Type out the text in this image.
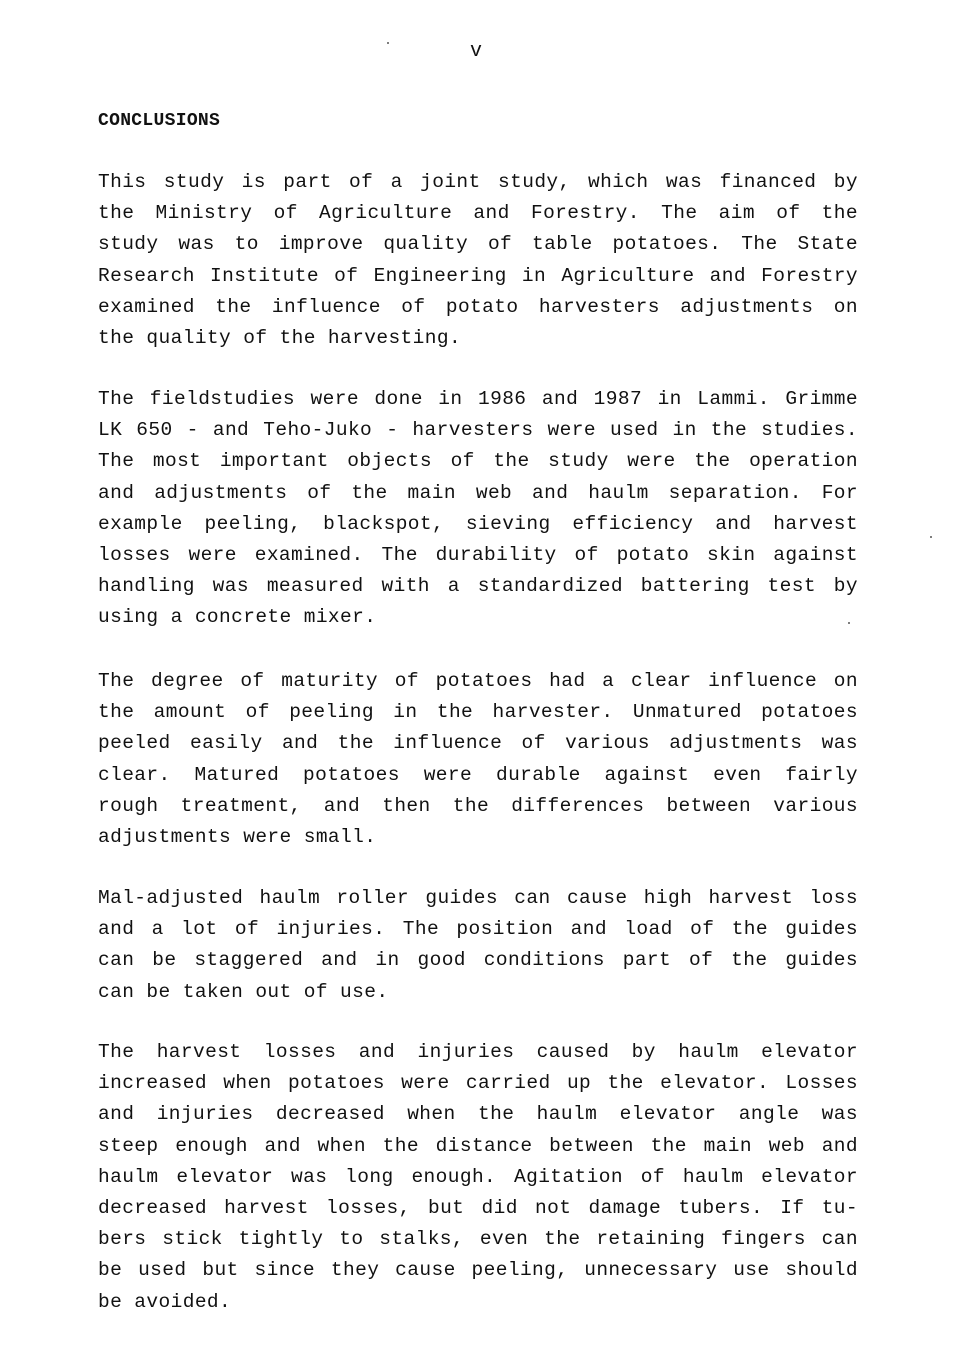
v
CONCLUSIONS
This study is part of a joint study, which was financed by
the Ministry of Agriculture and Forestry. The aim of the
study was to improve quality of table potatoes. The State
Research Institute of Engineering in Agriculture and Forestry
examined the influence of potato harvesters adjustments on
the quality of the harvesting.
The fieldstudies were done in 1986 and 1987 in Lammi. Grimme
LK 650 - and Teho-Juko - harvesters were used in the studies.
The most important objects of the study were the operation
and adjustments of the main web and haulm separation. For
example peeling, blackspot, sieving efficiency and harvest
losses were examined. The durability of potato skin against
handling was measured with a standardized battering test by
using a concrete mixer.
The degree of maturity of potatoes had a clear influence on
the amount of peeling in the harvester. Unmatured potatoes
peeled easily and the influence of various adjustments was
clear. Matured potatoes were durable against even fairly
rough treatment, and then the differences between various
adjustments were small.
Mal-adjusted haulm roller guides can cause high harvest loss
and a lot of injuries. The position and load of the guides
can be staggered and in good conditions part of the guides
can be taken out of use.
The harvest losses and injuries caused by haulm elevator
increased when potatoes were carried up the elevator. Losses
and injuries decreased when the haulm elevator angle was
steep enough and when the distance between the main web and
haulm elevator was long enough. Agitation of haulm elevator
decreased harvest losses, but did not damage tubers. If tu-
bers stick tightly to stalks, even the retaining fingers can
be used but since they cause peeling, unnecessary use should
be avoided.
